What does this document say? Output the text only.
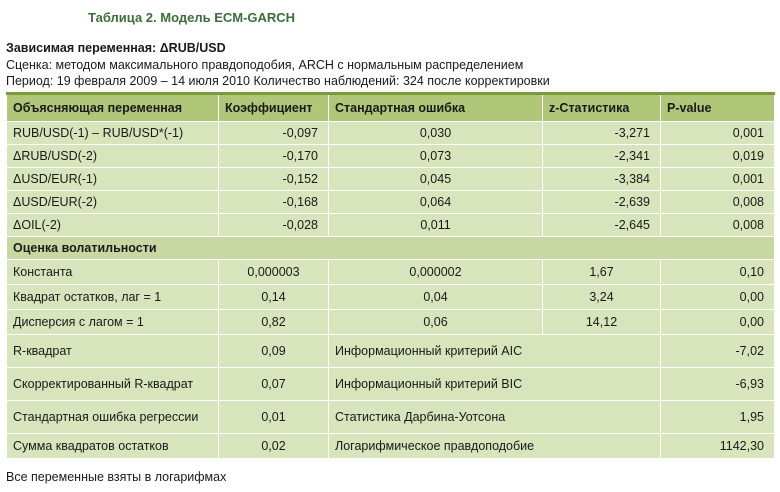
Таблица 2. Модель ECM-GARCH
Зависимая переменная: ΔRUB/USD
Сценка: методом максимального правдоподобия, ARCH с нормальным распределением
Период: 19 февраля 2009 – 14 июля 2010 Количество наблюдений: 324 после корректировки
Объясняющая переменная	Коэффициент	Стандартная ошибка	z-Статистика	P-value
RUB/USD(-1) – RUB/USD*(-1)	-0,097	0,030	-3,271	0,001
ΔRUB/USD(-2)	-0,170	0,073	-2,341	0,019
ΔUSD/EUR(-1)	-0,152	0,045	-3,384	0,001
ΔUSD/EUR(-2)	-0,168	0,064	-2,639	0,008
ΔOIL(-2)	-0,028	0,011	-2,645	0,008
Оценка волатильности				
Константа	0,000003	0,000002	1,67	0,10
Квадрат остатков, лаг = 1	0,14	0,04	3,24	0,00
Дисперсия с лагом = 1	0,82	0,06	14,12	0,00
R-квадрат	0,09	Информационный критерий AIC		-7,02
Скорректированный R-квадрат	0,07	Информационный критерий BIC		-6,93
Стандартная ошибка регрессии	0,01	Статистика Дарбина-Уотсона		1,95
Сумма квадратов остатков	0,02	Логарифмическое правдоподобие		1142,30
Все переменные взяты в логарифмах
